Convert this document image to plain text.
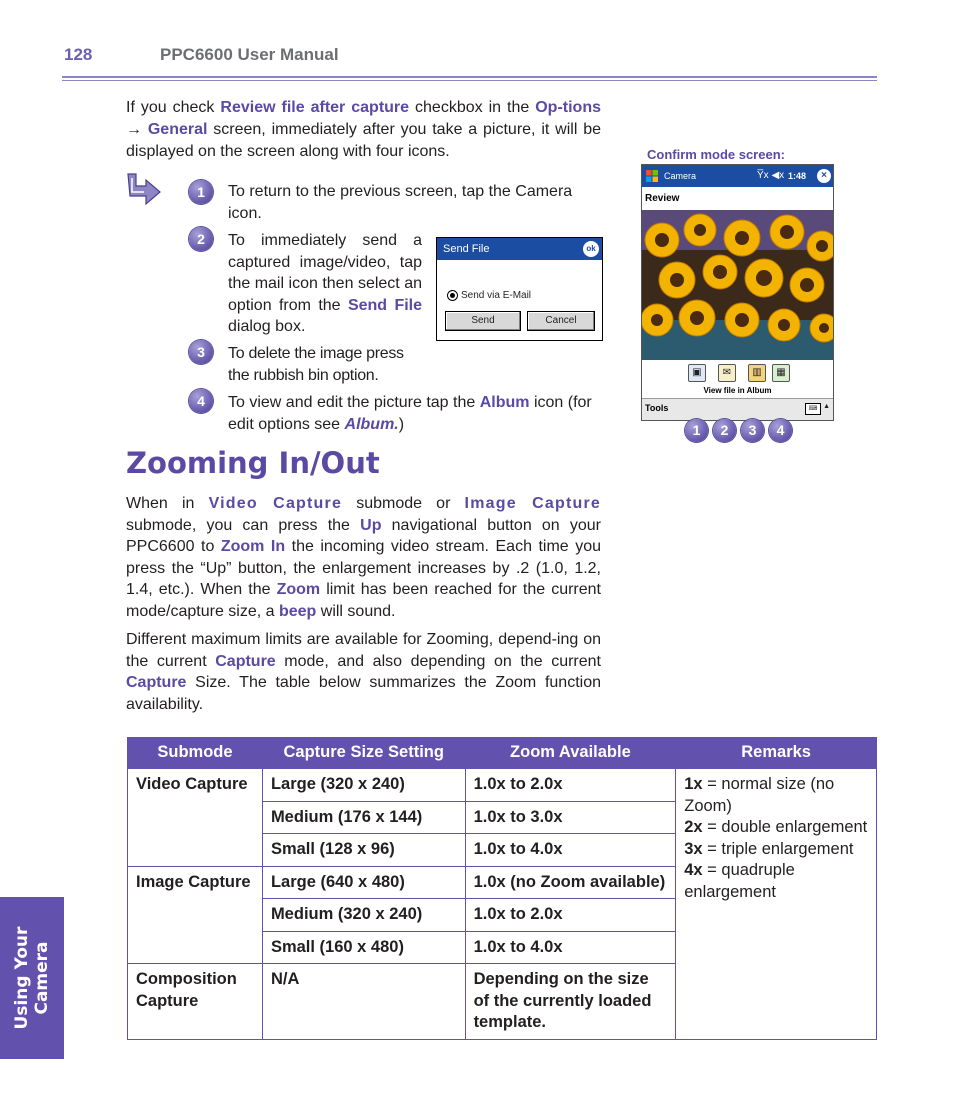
128	PPC6600 User Manual
If you check Review file after capture checkbox in the Op-tions → General screen, immediately after you take a picture, it will be displayed on the screen along with four icons.
1	To return to the previous screen, tap the Camera icon.
2	To immediately send a captured image/video, tap the mail icon then select an option from the Send File dialog box.
3	To delete the image press the rubbish bin option.
4	To view and edit the picture tap the Album icon (for edit options see Album.)
Send File	ok
Send via E-Mail
Send	Cancel
Confirm mode screen:
Camera	Y̅x ◀x 1:48	×
Review
▣	✉	▥	▦
View file in Album
Tools	⌨ ▲
1	2	3	4
Zooming In/Out
When in Video Capture submode or Image Capture submode, you can press the Up navigational button on your PPC6600 to Zoom In the incoming video stream. Each time you press the “Up” button, the enlargement increases by .2 (1.0, 1.2, 1.4, etc.). When the Zoom limit has been reached for the current mode/capture size, a beep will sound.
Different maximum limits are available for Zooming, depend-ing on the current Capture mode, and also depending on the current Capture Size. The table below summarizes the Zoom function availability.
Submode	Capture Size Setting	Zoom Available	Remarks
Video Capture	Large (320 x 240)	1.0x to 2.0x	1x = normal size (no Zoom)
2x = double enlargement
3x = triple enlargement
4x = quadruple enlargement

	Medium (176 x 144)	1.0x to 3.0x	
	Small (128 x 96)	1.0x to 4.0x	
Image Capture	Large (640 x 480)	1.0x (no Zoom available)	
	Medium (320 x 240)	1.0x to 2.0x	
	Small (160 x 480)	1.0x to 4.0x	
Composition Capture	N/A	Depending on the size of the currently loaded template.	
Using Your Camera
